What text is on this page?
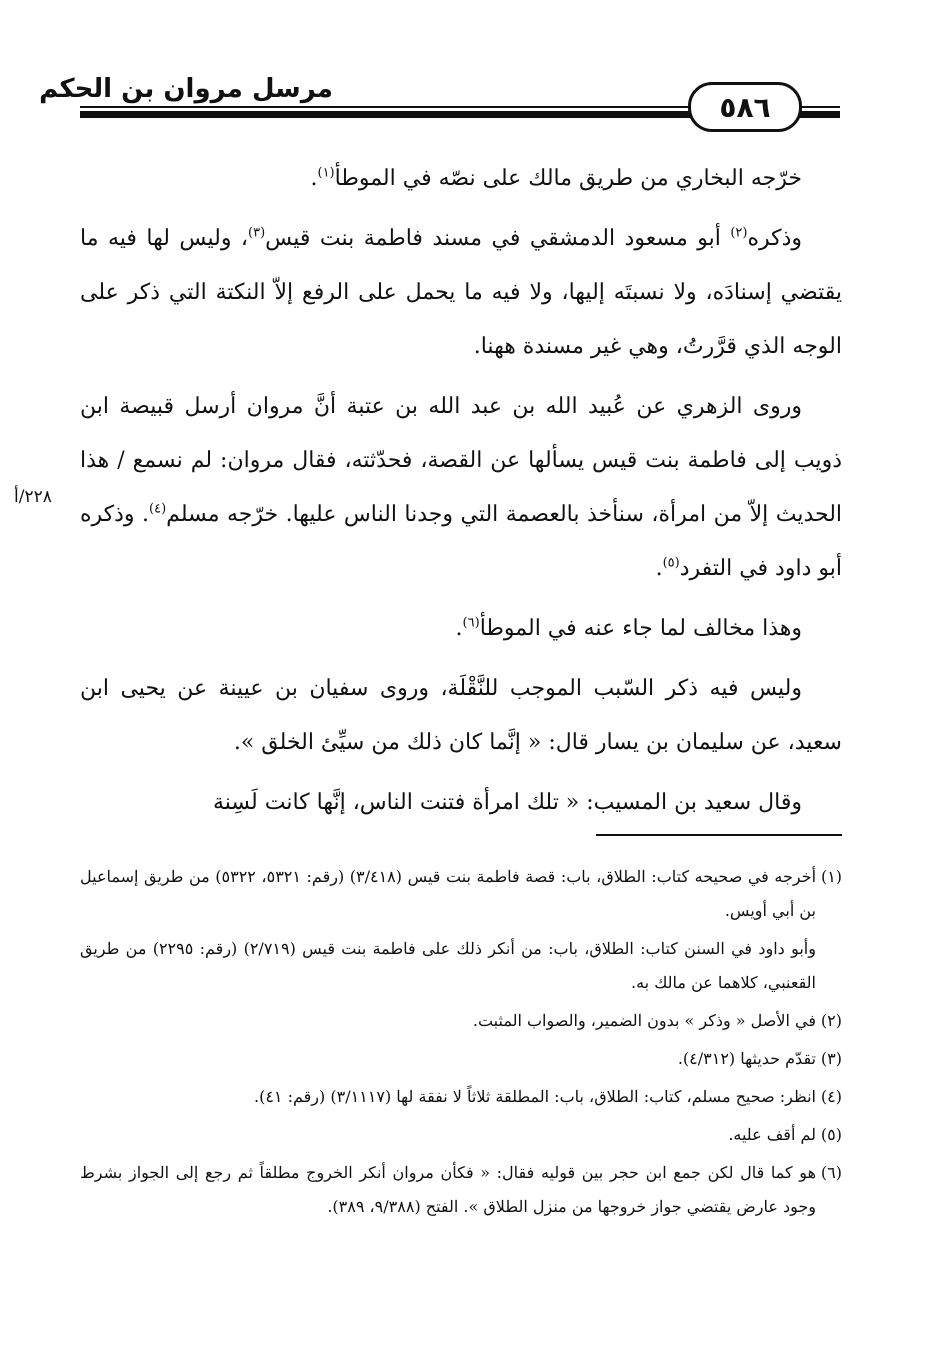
مرسل مروان بن الحكم
٥٨٦
٢٢٨/أ

خرّجه البخاري من طريق مالك على نصّه في الموطأ$^{(١)}$.

وذكره$^{(٢)}$ أبو مسعود الدمشقي في مسند فاطمة بنت قيس$^{(٣)}$، وليس لها فيه ما يقتضي إسنادَه، ولا نسبتَه إليها، ولا فيه ما يحمل على الرفع إلاّ النكتة التي ذكر على الوجه الذي قرَّرتُ، وهي غير مسندة ههنا.

وروى الزهري عن عُبيد الله بن عبد الله بن عتبة أنَّ مروان أرسل قبيصة ابن ذويب إلى فاطمة بنت قيس يسألها عن القصة، فحدّثته، فقال مروان: لم نسمع / هذا الحديث إلاّ من امرأة، سنأخذ بالعصمة التي وجدنا الناس عليها. خرّجه مسلم$^{(٤)}$. وذكره أبو داود في التفرد$^{(٥)}$.

وهذا مخالف لما جاء عنه في الموطأ$^{(٦)}$.

وليس فيه ذكر السّبب الموجب للنَّقْلَة، وروى سفيان بن عيينة عن يحيى ابن سعيد، عن سليمان بن يسار قال: « إنَّما كان ذلك من سيِّئ الخلق ».

وقال سعيد بن المسيب: « تلك امرأة فتنت الناس، إنَّها كانت لَسِنة

(١)أخرجه في صحيحه كتاب: الطلاق، باب: قصة فاطمة بنت قيس (٣/٤١٨) (رقم: ٥٣٢١، ٥٣٢٢) من طريق إسماعيل بن أبي أويس.

وأبو داود في السنن كتاب: الطلاق، باب: من أنكر ذلك على فاطمة بنت قيس (٢/٧١٩) (رقم: ٢٢٩٥) من طريق القعنبي، كلاهما عن مالك به.

(٢)في الأصل « وذكر » بدون الضمير، والصواب المثبت.

(٣)تقدّم حديثها (٤/٣١٢).

(٤)انظر: صحيح مسلم، كتاب: الطلاق، باب: المطلقة ثلاثاً لا نفقة لها (٣/١١١٧) (رقم: ٤١).

(٥)لم أقف عليه.

(٦)هو كما قال لكن جمع ابن حجر بين قوليه فقال: « فكأن مروان أنكر الخروج مطلقاً ثم رجع إلى الجواز بشرط وجود عارض يقتضي جواز خروجها من منزل الطلاق ». الفتح (٩/٣٨٨، ٣٨٩).
